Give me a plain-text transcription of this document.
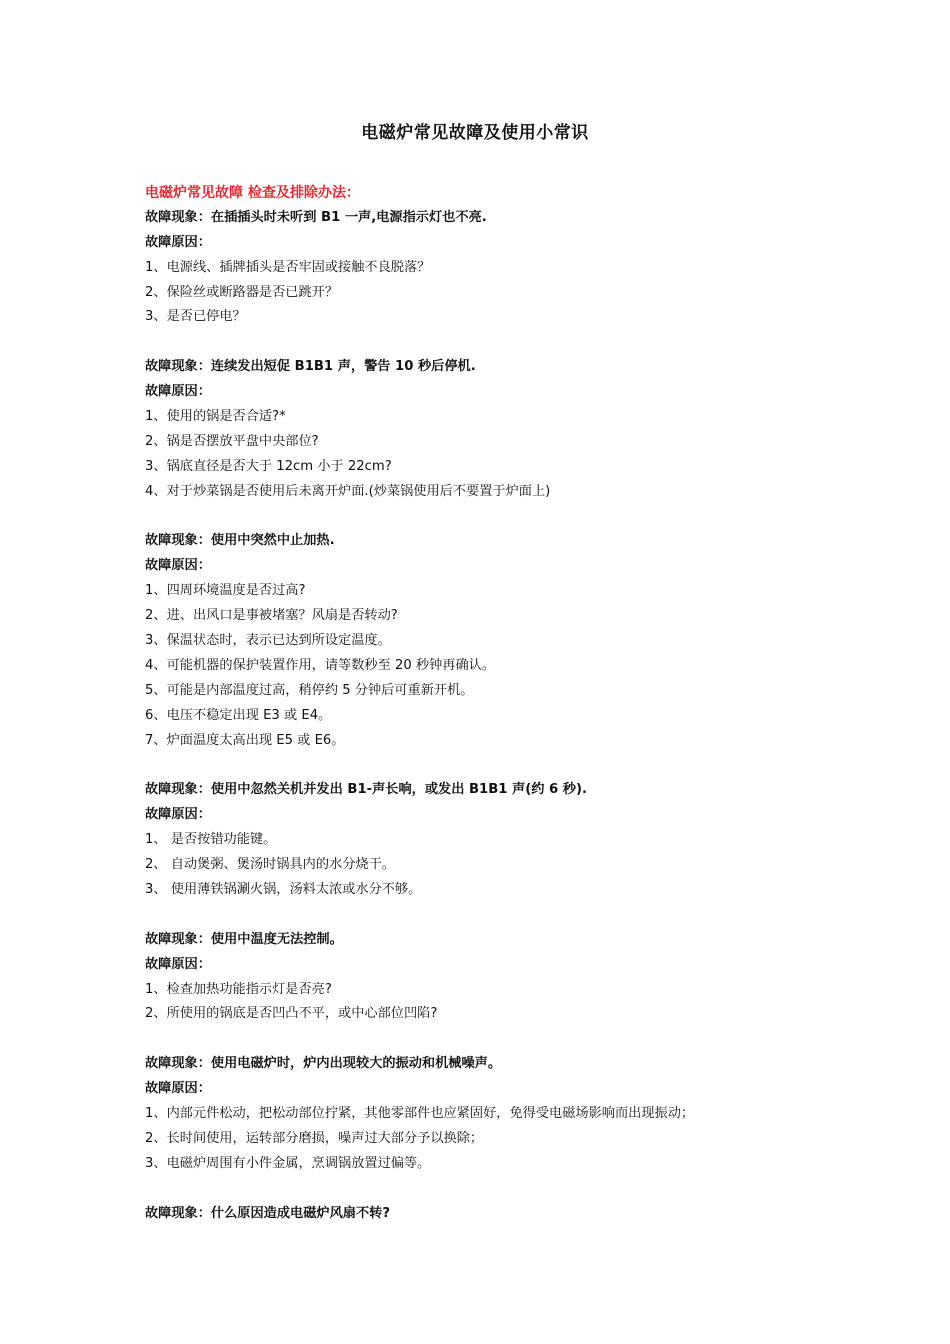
电磁炉常见故障及使用小常识
电磁炉常见故障 检查及排除办法：
故障现象：在插插头时未听到 B1 一声,电源指示灯也不亮.
故障原因：
1、电源线、插牌插头是否牢固或接触不良脱落？
2、保险丝或断路器是否已跳开？
3、是否已停电？
故障现象：连续发出短促 B1B1 声，警告 10 秒后停机.
故障原因：
1、使用的锅是否合适?*
2、锅是否摆放平盘中央部位?
3、锅底直径是否大于 12cm 小于 22cm?
4、对于炒菜锅是否使用后未离开炉面.(炒菜锅使用后不要置于炉面上)
故障现象：使用中突然中止加热.
故障原因：
1、四周环境温度是否过高?
2、进、出风口是事被堵塞？风扇是否转动?
3、保温状态时，表示已达到所设定温度。
4、可能机器的保护装置作用，请等数秒至 20 秒钟再确认。
5、可能是内部温度过高，稍停约 5 分钟后可重新开机。
6、电压不稳定出现 E3 或 E4。
7、炉面温度太高出现 E5 或 E6。
故障现象：使用中忽然关机并发出 B1-声长响，或发出 B1B1 声(约 6 秒).
故障原因：
1、 是否按错功能键。
2、 自动煲粥、煲汤时锅具内的水分烧干。
3、 使用薄铁锅涮火锅，汤料太浓或水分不够。
故障现象：使用中温度无法控制。
故障原因：
1、检查加热功能指示灯是否亮?
2、所使用的锅底是否凹凸不平，或中心部位凹陷?
故障现象：使用电磁炉时，炉内出现较大的振动和机械噪声。
故障原因：
1、内部元件松动，把松动部位拧紧，其他零部件也应紧固好，免得受电磁场影响而出现振动；
2、长时间使用，运转部分磨损，噪声过大部分予以换除；
3、电磁炉周围有小件金属，烹调锅放置过偏等。
故障现象：什么原因造成电磁炉风扇不转?
